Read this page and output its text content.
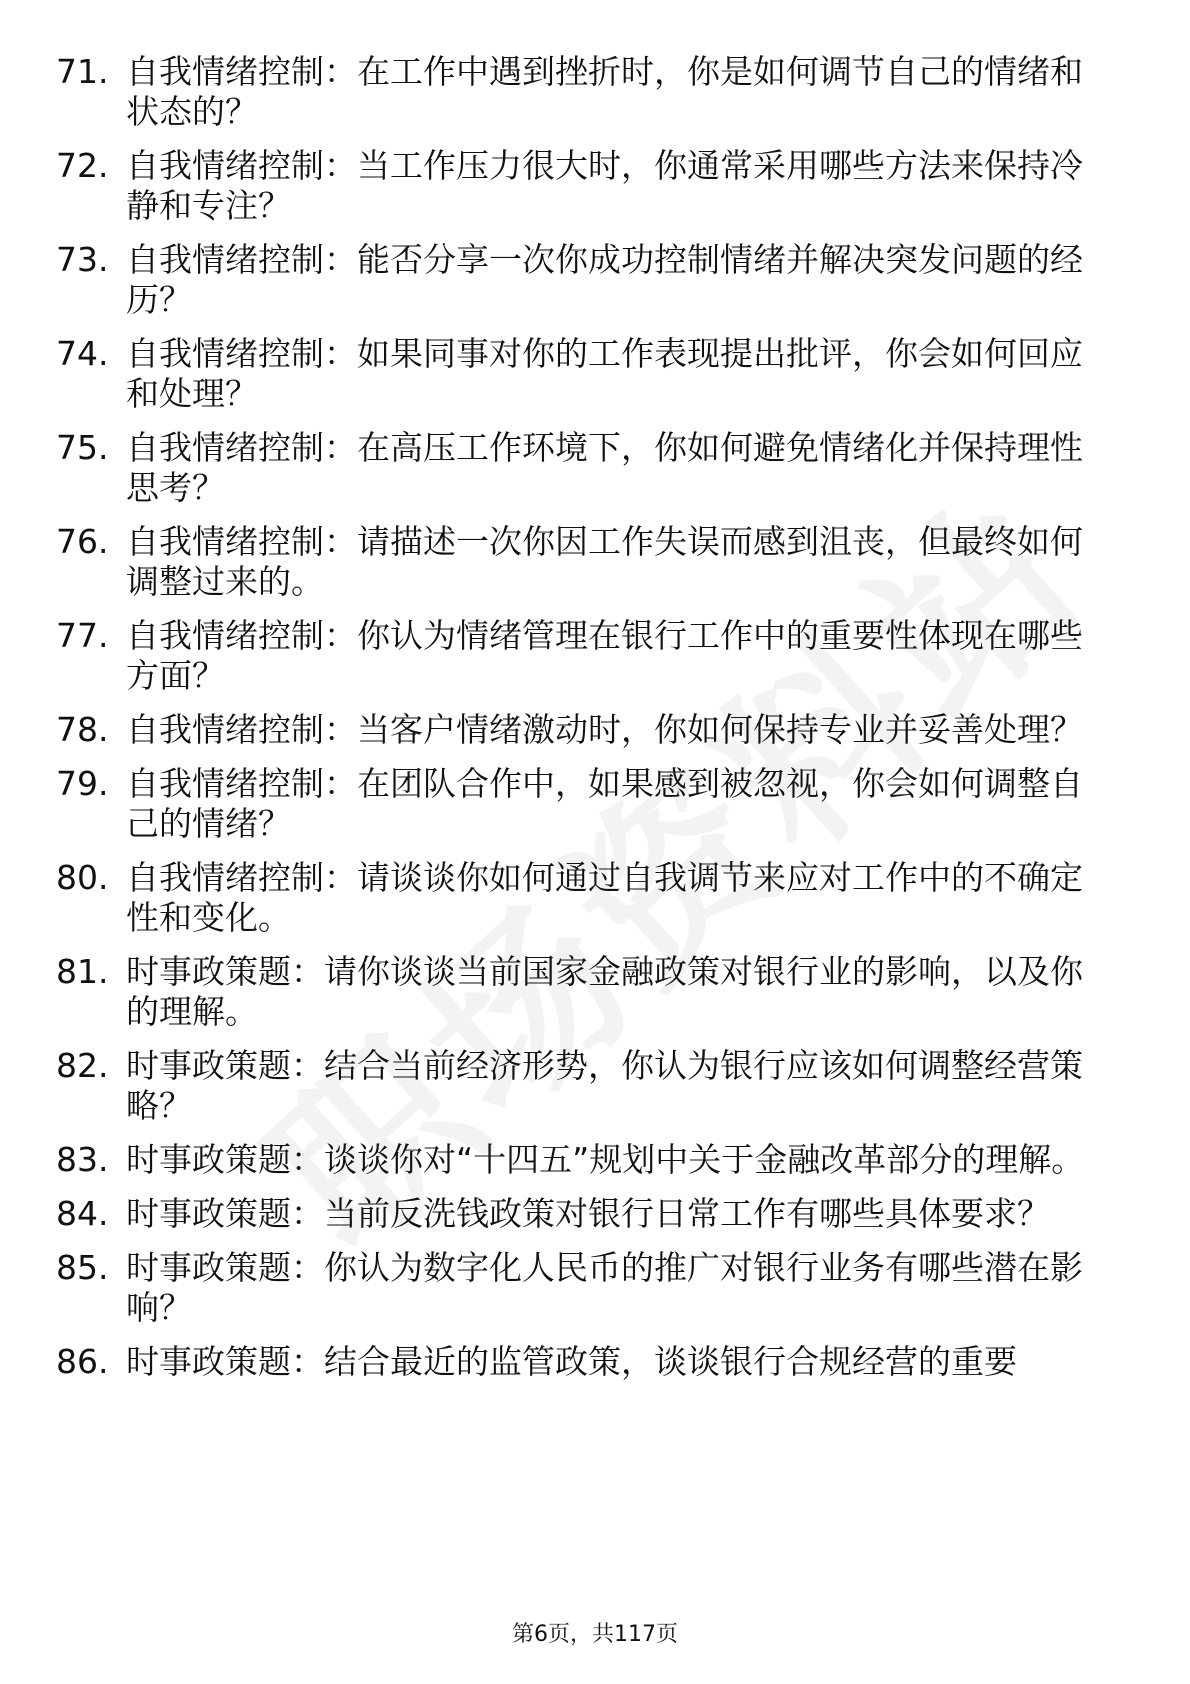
71. 自我情绪控制：在工作中遇到挫折时，你是如何调节自己的情绪和状态的？
72. 自我情绪控制：当工作压力很大时，你通常采用哪些方法来保持冷静和专注？
73. 自我情绪控制：能否分享一次你成功控制情绪并解决突发问题的经历？
74. 自我情绪控制：如果同事对你的工作表现提出批评，你会如何回应和处理？
75. 自我情绪控制：在高压工作环境下，你如何避免情绪化并保持理性思考？
76. 自我情绪控制：请描述一次你因工作失误而感到沮丧，但最终如何调整过来的。
77. 自我情绪控制：你认为情绪管理在银行工作中的重要性体现在哪些方面？
78. 自我情绪控制：当客户情绪激动时，你如何保持专业并妥善处理？
79. 自我情绪控制：在团队合作中，如果感到被忽视，你会如何调整自己的情绪？
80. 自我情绪控制：请谈谈你如何通过自我调节来应对工作中的不确定性和变化。
81. 时事政策题：请你谈谈当前国家金融政策对银行业的影响，以及你的理解。
82. 时事政策题：结合当前经济形势，你认为银行应该如何调整经营策略？
83. 时事政策题：谈谈你对“十四五”规划中关于金融改革部分的理解。
84. 时事政策题：当前反洗钱政策对银行日常工作有哪些具体要求？
85. 时事政策题：你认为数字化人民币的推广对银行业务有哪些潜在影响？
86. 时事政策题：结合最近的监管政策，谈谈银行合规经营的重要
第6页，共117页
